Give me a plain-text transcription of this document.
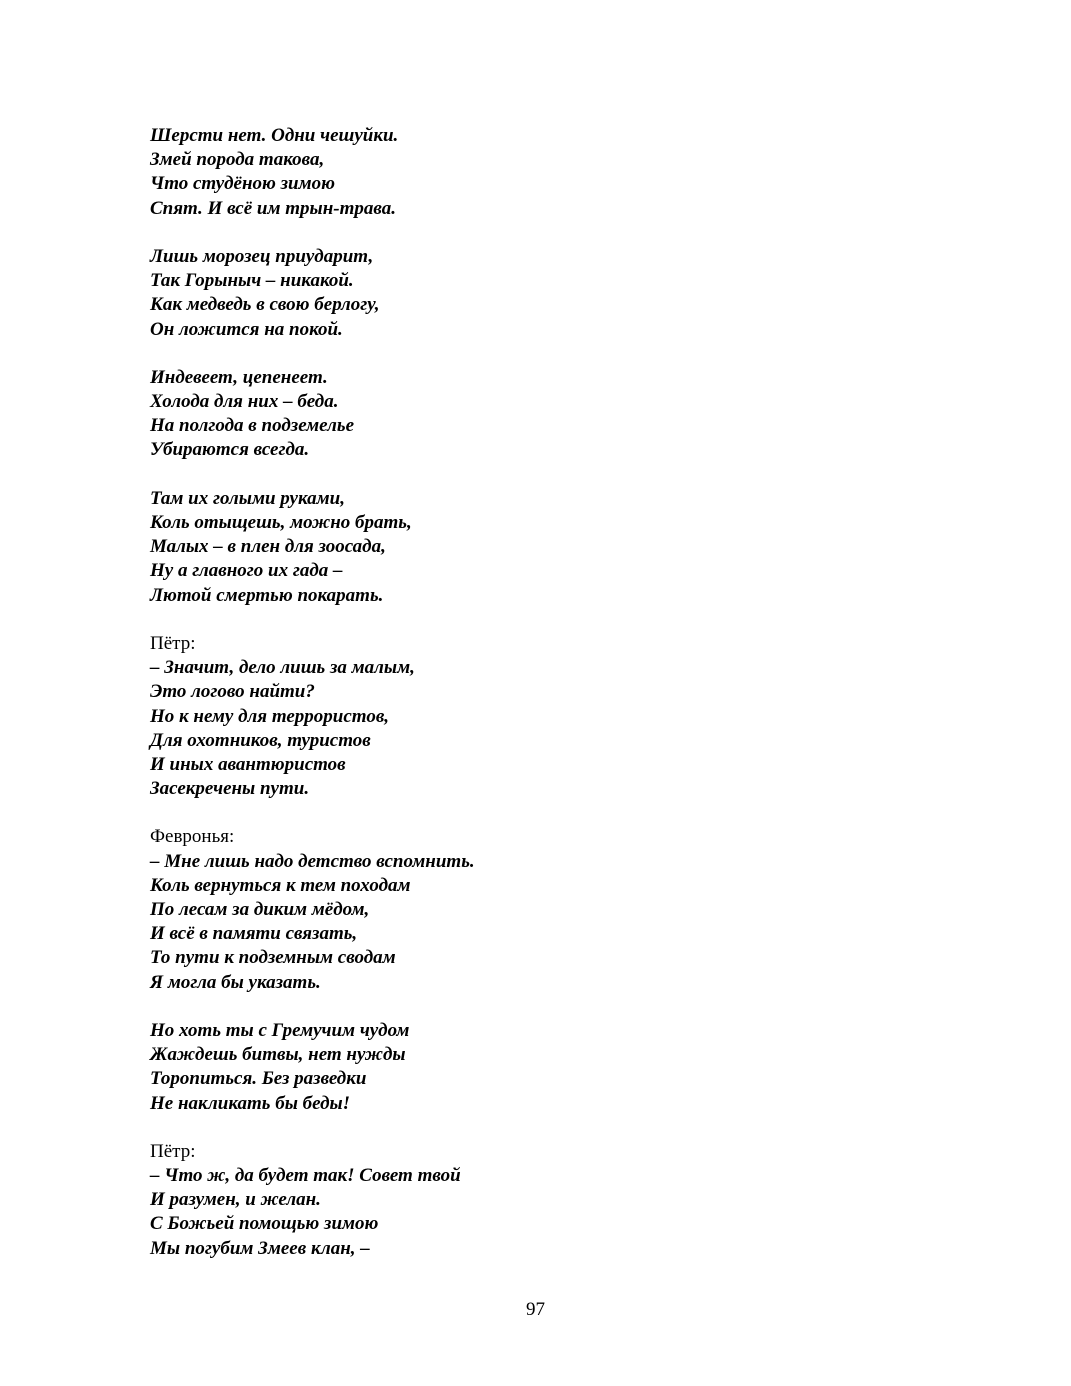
Шерсти нет. Одни чешуйки.
Змей порода такова,
Что студёною зимою
Спят. И всё им трын-трава.
Лишь морозец приударит,
Так Горыныч – никакой.
Как медведь в свою берлогу,
Он ложится на покой.
Индевеет, цепенеет.
Холода для них – беда.
На полгода в подземелье
Убираются всегда.
Там их голыми руками,
Коль отыщешь, можно брать,
Малых – в плен для зоосада,
Ну а главного их гада –
Лютой смертью покарать.
Пётр:
– Значит, дело лишь за малым,
Это логово найти?
Но к нему для террористов,
Для охотников, туристов
И иных авантюристов
Засекречены пути.
Февронья:
– Мне лишь надо детство вспомнить.
Коль вернуться к тем походам
По лесам за диким мёдом,
И всё в памяти связать,
То пути к подземным сводам
Я могла бы указать.
Но хоть ты с Гремучим чудом
Жаждешь битвы, нет нужды
Торопиться. Без разведки
Не накликать бы беды!
Пётр:
– Что ж, да будет так! Совет твой
И разумен, и желан.
С Божьей помощью зимою
Мы погубим Змеев клан, –
97
